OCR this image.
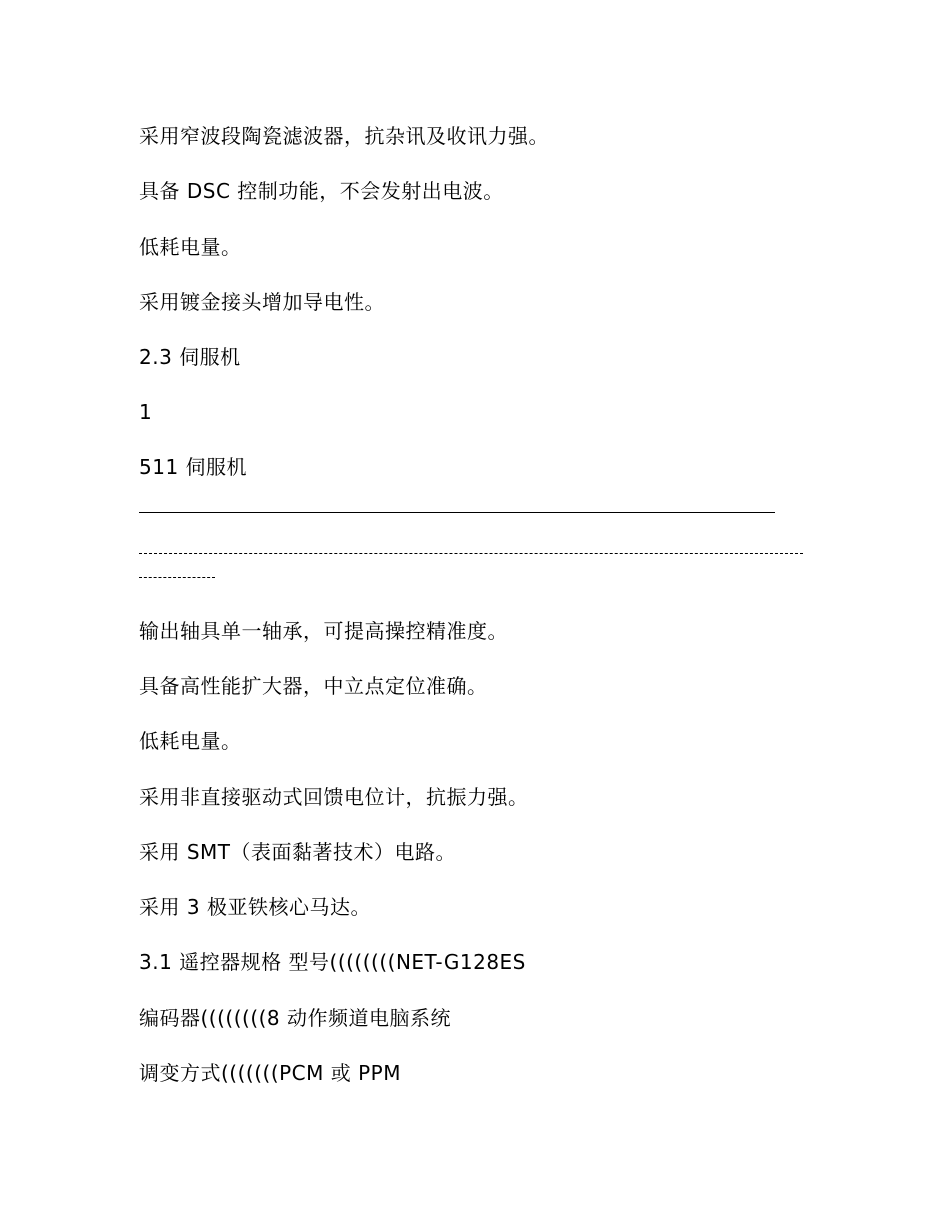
采用窄波段陶瓷滤波器，抗杂讯及收讯力强。
具备 DSC 控制功能，不会发射出电波。
低耗电量。
采用镀金接头增加导电性。
2.3 伺服机
1
511 伺服机
输出轴具单一轴承，可提高操控精准度。
具备高性能扩大器，中立点定位准确。
低耗电量。
采用非直接驱动式回馈电位计，抗振力强。
采用 SMT（表面黏著技术）电路。
采用 3 极亚铁核心马达。
3.1 遥控器规格 型号((((((((NET-G128ES
编码器((((((((8 动作频道电脑系统
调变方式(((((((PCM 或 PPM
